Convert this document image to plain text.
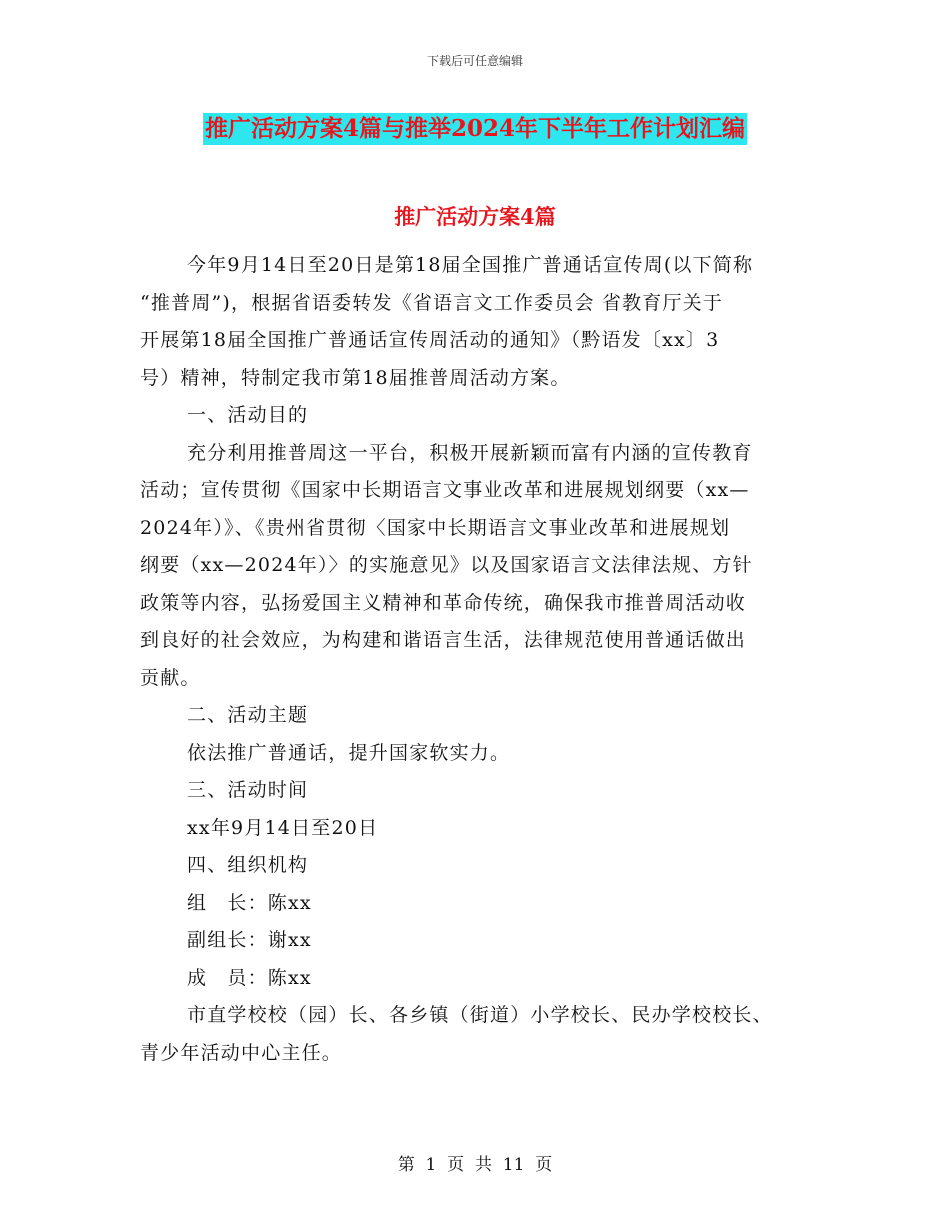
下载后可任意编辑
推广活动方案4篇与推举2024年下半年工作计划汇编
推广活动方案4篇

今年9月14日至20日是第18届全国推广普通话宣传周(以下简称

“推普周”)，根据省语委转发《省语言文工作委员会 省教育厅关于

开展第18届全国推广普通话宣传周活动的通知》（黔语发〔xx〕3

号）精神，特制定我市第18届推普周活动方案。

一、活动目的

充分利用推普周这一平台，积极开展新颖而富有内涵的宣传教育

活动；宣传贯彻《国家中长期语言文事业改革和进展规划纲要（xx—

2024年）》、《贵州省贯彻〈国家中长期语言文事业改革和进展规划

纲要（xx—2024年）〉的实施意见》以及国家语言文法律法规、方针

政策等内容，弘扬爱国主义精神和革命传统，确保我市推普周活动收

到良好的社会效应，为构建和谐语言生活，法律规范使用普通话做出

贡献。

二、活动主题

依法推广普通话，提升国家软实力。

三、活动时间

xx年9月14日至20日

四、组织机构

组　长：陈xx

副组长：谢xx

成　员：陈xx

市直学校校（园）长、各乡镇（街道）小学校长、民办学校校长、

青少年活动中心主任。

第  1  页  共  11  页
